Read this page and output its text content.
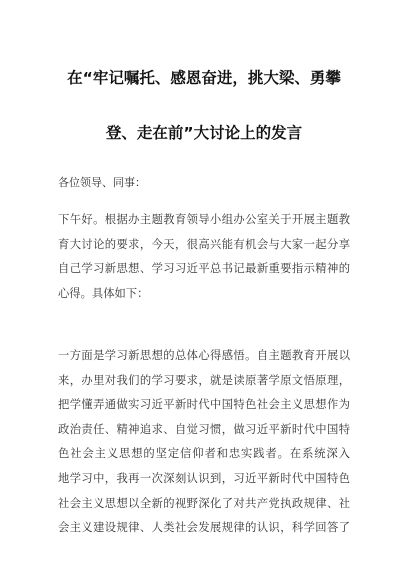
在“牢记嘱托、感恩奋进，挑大梁、勇攀
登、走在前”大讨论上的发言
各位领导、同事：
下午好。根据办主题教育领导小组办公室关于开展主题教
育大讨论的要求，今天，很高兴能有机会与大家一起分享
自己学习新思想、学习习近平总书记最新重要指示精神的
心得。具体如下：
一方面是学习新思想的总体心得感悟。自主题教育开展以
来，办里对我们的学习要求，就是读原著学原文悟原理，
把学懂弄通做实习近平新时代中国特色社会主义思想作为
政治责任、精神追求、自觉习惯，做习近平新时代中国特
色社会主义思想的坚定信仰者和忠实践者。在系统深入
地学习中，我再一次深刻认识到，习近平新时代中国特色
社会主义思想以全新的视野深化了对共产党执政规律、社
会主义建设规律、人类社会发展规律的认识，科学回答了
